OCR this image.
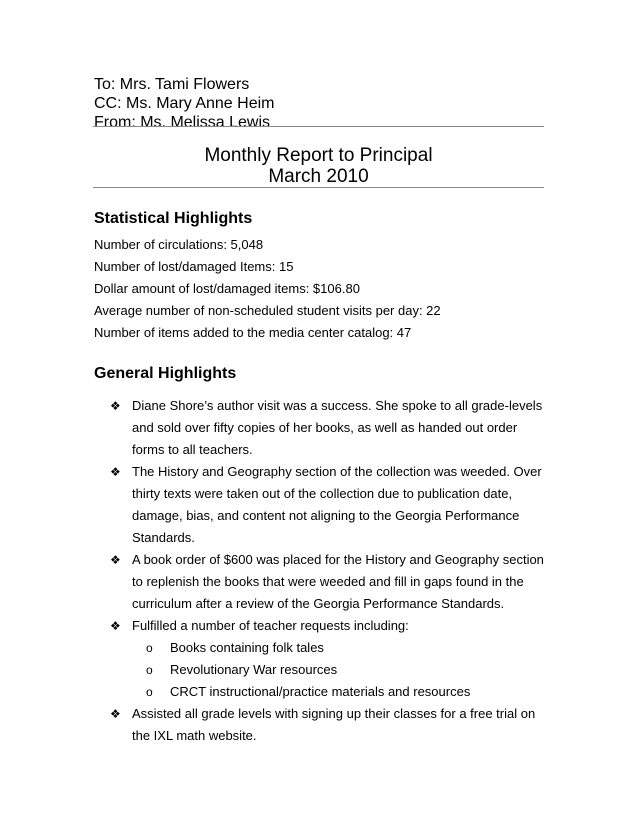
To: Mrs. Tami Flowers
CC: Ms. Mary Anne Heim
From: Ms. Melissa Lewis
Monthly Report to Principal
March 2010
Statistical Highlights
Number of circulations: 5,048
Number of lost/damaged Items: 15
Dollar amount of lost/damaged items: $106.80
Average number of non-scheduled student visits per day: 22
Number of items added to the media center catalog: 47
General Highlights
❖ Diane Shore’s author visit was a success. She spoke to all grade-levels and sold over fifty copies of her books, as well as handed out order forms to all teachers.
❖ The History and Geography section of the collection was weeded. Over thirty texts were taken out of the collection due to publication date, damage, bias, and content not aligning to the Georgia Performance Standards.
❖ A book order of $600 was placed for the History and Geography section to replenish the books that were weeded and fill in gaps found in the curriculum after a review of the Georgia Performance Standards.
❖ Fulfilled a number of teacher requests including:
o Books containing folk tales
o Revolutionary War resources
o CRCT instructional/practice materials and resources
❖ Assisted all grade levels with signing up their classes for a free trial on the IXL math website.
